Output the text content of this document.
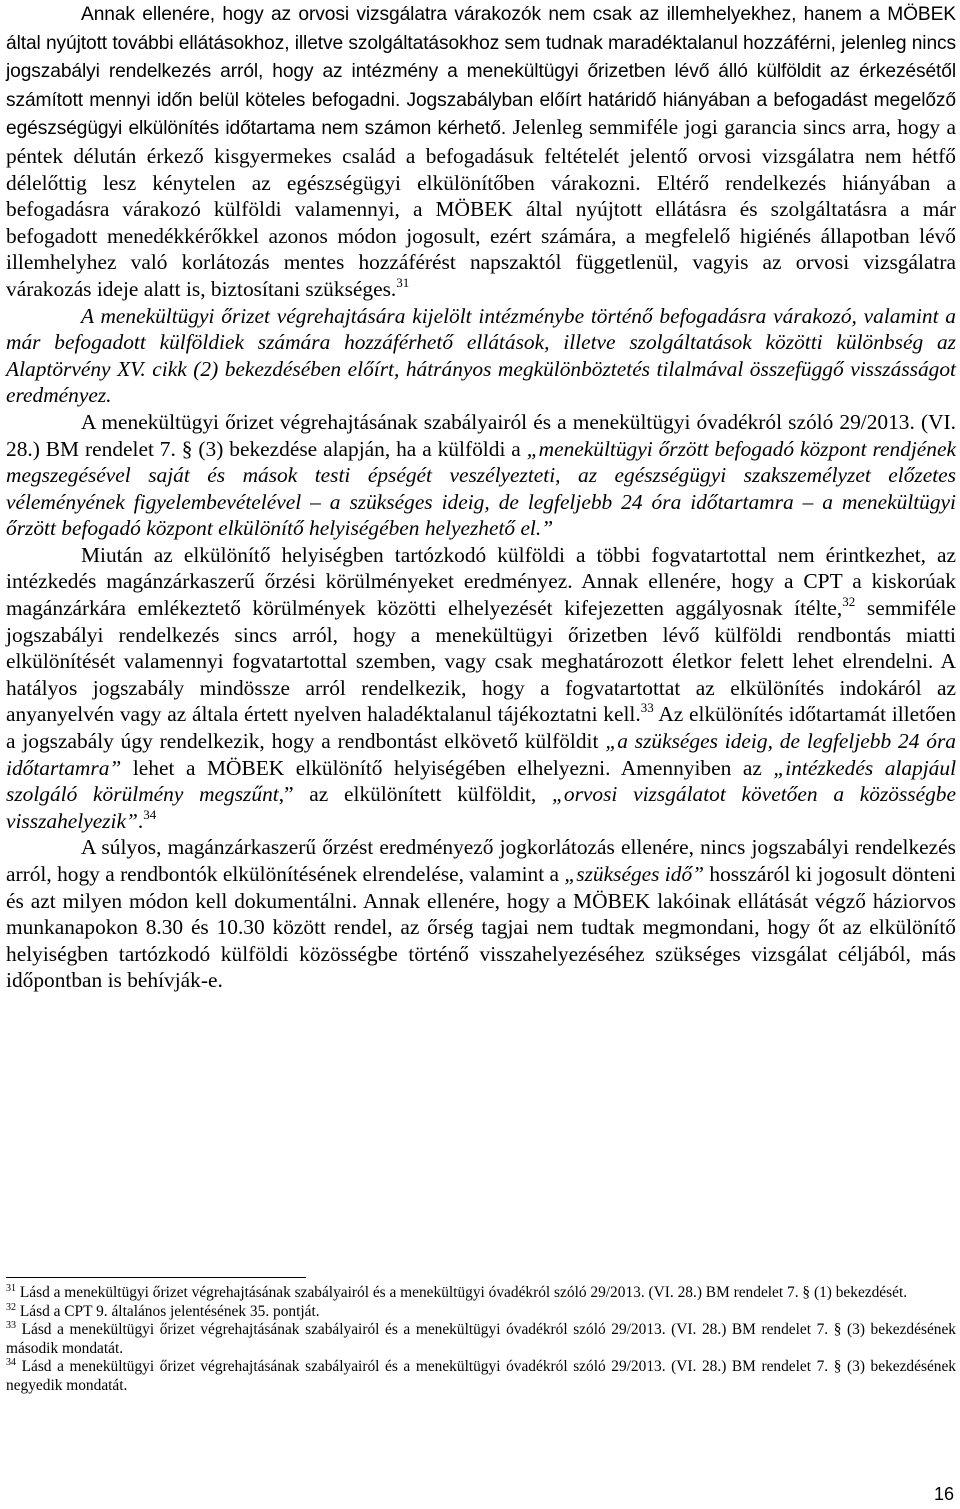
Annak ellenére, hogy az orvosi vizsgálatra várakozók nem csak az illemhelyekhez, hanem a MÖBEK által nyújtott további ellátásokhoz, illetve szolgáltatásokhoz sem tudnak maradéktalanul hozzáférni, jelenleg nincs jogszabályi rendelkezés arról, hogy az intézmény a menekültügyi őrizetben lévő álló külföldit az érkezésétől számított mennyi időn belül köteles befogadni. Jogszabályban előírt határidő hiányában a befogadást megelőző egészségügyi elkülönítés időtartama nem számon kérhető. Jelenleg semmiféle jogi garancia sincs arra, hogy a péntek délután érkező kisgyermekes család a befogadásuk feltételét jelentő orvosi vizsgálatra nem hétfő délelőttig lesz kénytelen az egészségügyi elkülönítőben várakozni. Eltérő rendelkezés hiányában a befogadásra várakozó külföldi valamennyi, a MÖBEK által nyújtott ellátásra és szolgáltatásra a már befogadott menedékkérőkkel azonos módon jogosult, ezért számára, a megfelelő higiénés állapotban lévő illemhelyhez való korlátozás mentes hozzáférést napszaktól függetlenül, vagyis az orvosi vizsgálatra várakozás ideje alatt is, biztosítani szükséges.$^{31}$

A menekültügyi őrizet végrehajtására kijelölt intézménybe történő befogadásra várakozó, valamint a már befogadott külföldiek számára hozzáférhető ellátások, illetve szolgáltatások közötti különbség az Alaptörvény XV. cikk (2) bekezdésében előírt, hátrányos megkülönböztetés tilalmával összefüggő visszásságot eredményez.

A menekültügyi őrizet végrehajtásának szabályairól és a menekültügyi óvadékról szóló 29/2013. (VI. 28.) BM rendelet 7. § (3) bekezdése alapján, ha a külföldi a „menekültügyi őrzött befogadó központ rendjének megszegésével saját és mások testi épségét veszélyezteti, az egészségügyi szakszemélyzet előzetes véleményének figyelembevételével – a szükséges ideig, de legfeljebb 24 óra időtartamra – a menekültügyi őrzött befogadó központ elkülönítő helyiségében helyezhető el.”

Miután az elkülönítő helyiségben tartózkodó külföldi a többi fogvatartottal nem érintkezhet, az intézkedés magánzárkaszerű őrzési körülményeket eredményez. Annak ellenére, hogy a CPT a kiskorúak magánzárkára emlékeztető körülmények közötti elhelyezését kifejezetten aggályosnak ítélte,$^{32}$ semmiféle jogszabályi rendelkezés sincs arról, hogy a menekültügyi őrizetben lévő külföldi rendbontás miatti elkülönítését valamennyi fogvatartottal szemben, vagy csak meghatározott életkor felett lehet elrendelni. A hatályos jogszabály mindössze arról rendelkezik, hogy a fogvatartottat az elkülönítés indokáról az anyanyelvén vagy az általa értett nyelven haladéktalanul tájékoztatni kell.$^{33}$ Az elkülönítés időtartamát illetően a jogszabály úgy rendelkezik, hogy a rendbontást elkövető külföldit „a szükséges ideig, de legfeljebb 24 óra időtartamra” lehet a MÖBEK elkülönítő helyiségében elhelyezni. Amennyiben az „intézkedés alapjául szolgáló körülmény megszűnt,” az elkülönített külföldit, „orvosi vizsgálatot követően a közösségbe visszahelyezik”.$^{34}$

A súlyos, magánzárkaszerű őrzést eredményező jogkorlátozás ellenére, nincs jogszabályi rendelkezés arról, hogy a rendbontók elkülönítésének elrendelése, valamint a „szükséges idő” hosszáról ki jogosult dönteni és azt milyen módon kell dokumentálni. Annak ellenére, hogy a MÖBEK lakóinak ellátását végző háziorvos munkanapokon 8.30 és 10.30 között rendel, az őrség tagjai nem tudtak megmondani, hogy őt az elkülönítő helyiségben tartózkodó külföldi közösségbe történő visszahelyezéséhez szükséges vizsgálat céljából, más időpontban is behívják-e.

$^{31}$ Lásd a menekültügyi őrizet végrehajtásának szabályairól és a menekültügyi óvadékról szóló 29/2013. (VI. 28.) BM rendelet 7. § (1) bekezdését.

$^{32}$ Lásd a CPT 9. általános jelentésének 35. pontját.

$^{33}$ Lásd a menekültügyi őrizet végrehajtásának szabályairól és a menekültügyi óvadékról szóló 29/2013. (VI. 28.) BM rendelet 7. § (3) bekezdésének második mondatát.

$^{34}$ Lásd a menekültügyi őrizet végrehajtásának szabályairól és a menekültügyi óvadékról szóló 29/2013. (VI. 28.) BM rendelet 7. § (3) bekezdésének negyedik mondatát.

16
